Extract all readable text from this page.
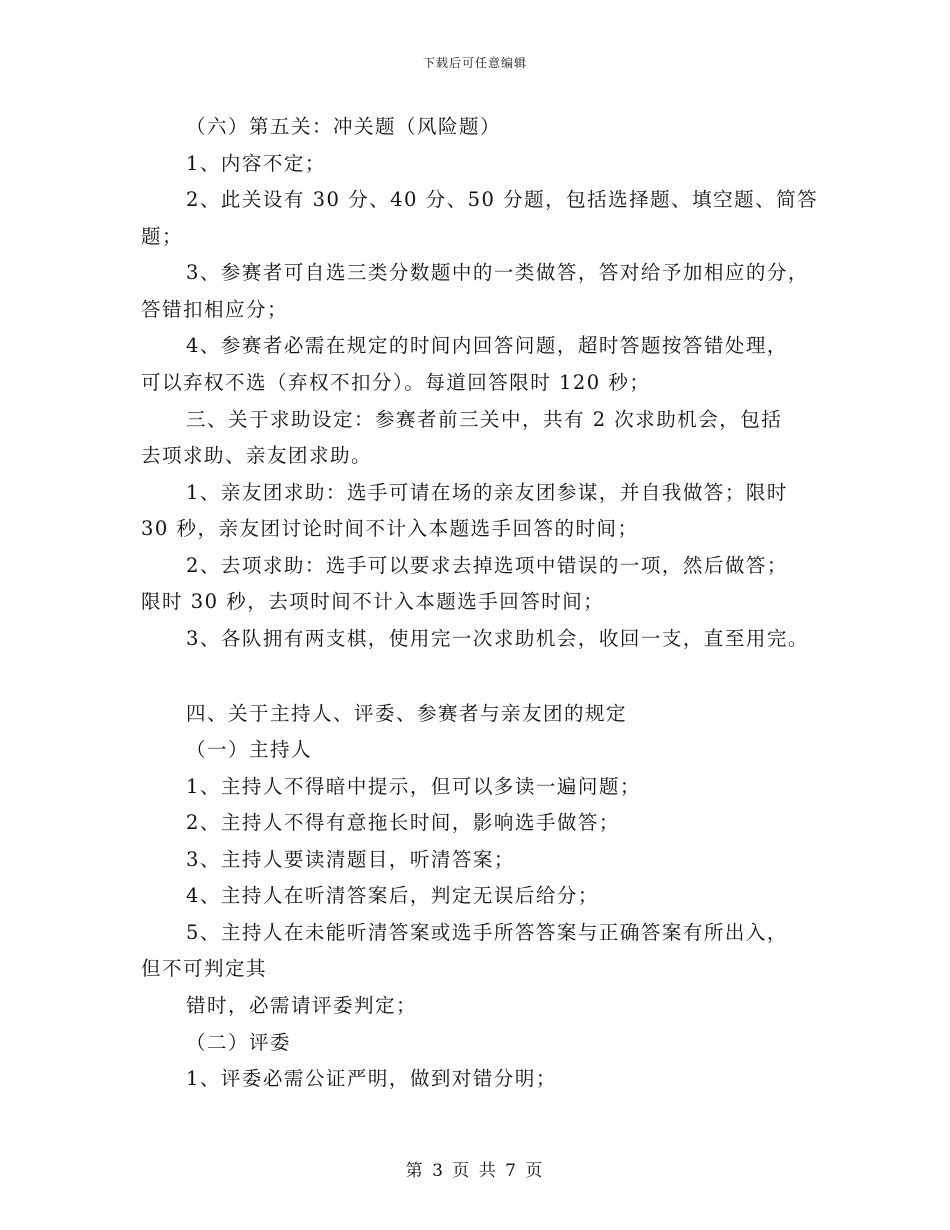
下载后可任意编辑
（六）第五关：冲关题（风险题）
1、内容不定；
2、此关设有 30 分、40 分、50 分题，包括选择题、填空题、简答
题；
3、参赛者可自选三类分数题中的一类做答，答对给予加相应的分，
答错扣相应分；
4、参赛者必需在规定的时间内回答问题，超时答题按答错处理，
可以弃权不选（弃权不扣分）。每道回答限时 120 秒；
三、关于求助设定：参赛者前三关中，共有 2 次求助机会，包括
去项求助、亲友团求助。
1、亲友团求助：选手可请在场的亲友团参谋，并自我做答；限时
30 秒，亲友团讨论时间不计入本题选手回答的时间；
2、去项求助：选手可以要求去掉选项中错误的一项，然后做答；
限时 30 秒，去项时间不计入本题选手回答时间；
3、各队拥有两支棋，使用完一次求助机会，收回一支，直至用完。
四、关于主持人、评委、参赛者与亲友团的规定
（一）主持人
1、主持人不得暗中提示，但可以多读一遍问题；
2、主持人不得有意拖长时间，影响选手做答；
3、主持人要读清题目，听清答案；
4、主持人在听清答案后，判定无误后给分；
5、主持人在未能听清答案或选手所答答案与正确答案有所出入，
但不可判定其
错时，必需请评委判定；
（二）评委
1、评委必需公证严明，做到对错分明；
第 3 页 共 7 页
